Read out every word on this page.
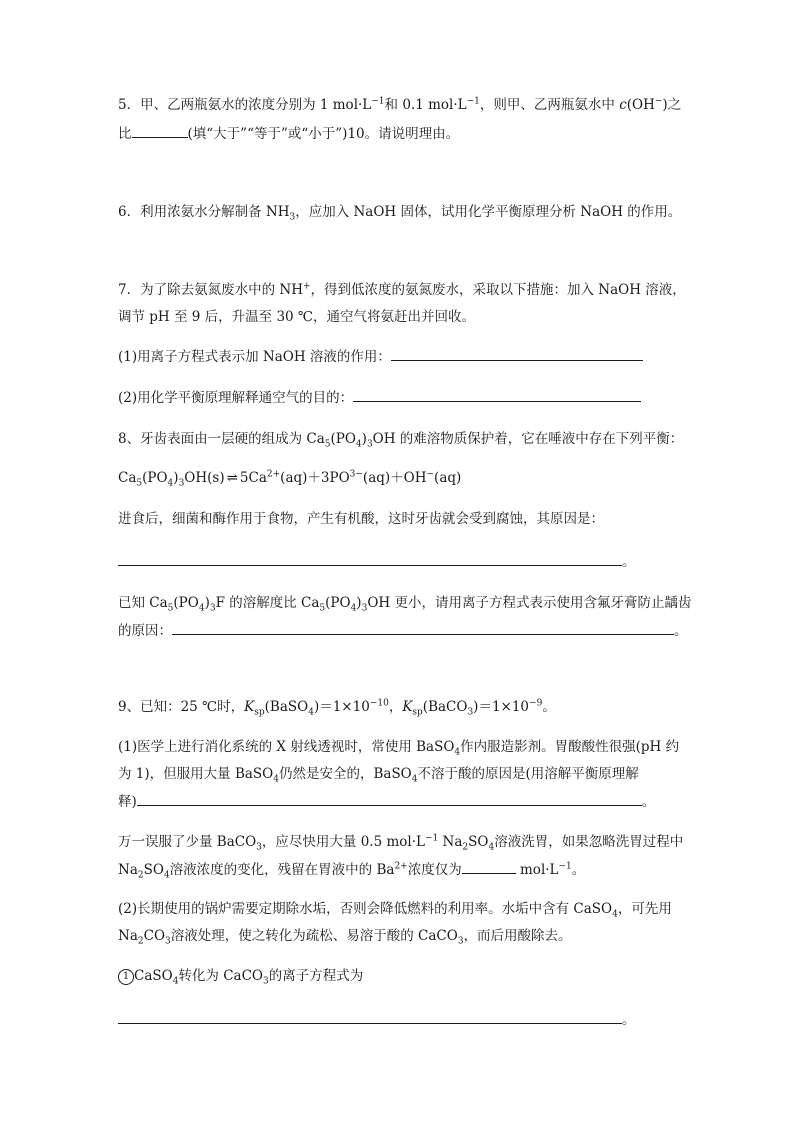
5．甲、乙两瓶氨水的浓度分别为 1 $mol\cdot L^{-1}$和 0.1 $mol\cdot L^{-1}$，则甲、乙两瓶氨水中 c(OH−)之
比	(填“大于”“等于”或“小于”)10。请说明理由。
6．利用浓氨水分解制备 $NH_3$，应加入 NaOH 固体，试用化学平衡原理分析 NaOH 的作用。
7．为了除去氨氮废水中的 NH+，得到低浓度的氨氮废水，采取以下措施：加入 NaOH 溶液，
调节 pH 至 9 后，升温至 30 ℃，通空气将氨赶出并回收。
(1)用离子方程式表示加 NaOH 溶液的作用：
(2)用化学平衡原理解释通空气的目的：
8、牙齿表面由一层硬的组成为 $Ca_5(PO_4)_3OH$ 的难溶物质保护着，它在唾液中存在下列平衡：
$Ca_5(PO_4)_3OH(s)$ ⇌ $5Ca^{2+}(aq)+3PO^{3-}(aq)+OH^-(aq)$
进食后，细菌和酶作用于食物，产生有机酸，这时牙齿就会受到腐蚀，其原因是：
。
已知 $Ca_5(PO_4)_3F$ 的溶解度比 $Ca_5(PO_4)_3OH$ 更小，请用离子方程式表示使用含氟牙膏防止龋齿
的原因：	。
9、已知：25 ℃时，$K_{sp}(BaSO_4)=1\times 10^{-10}$，$K_{sp}(BaCO_3)=1\times 10^{-9}$。
(1)医学上进行消化系统的 X 射线透视时，常使用 BaSO$_4$作内服造影剂。胃酸酸性很强(pH 约
为 1)，但服用大量 BaSO$_4$仍然是安全的，BaSO$_4$不溶于酸的原因是(用溶解平衡原理解
释)	。
万一误服了少量 BaCO$_3$，应尽快用大量 0.5 $mol\cdot L^{-1}$ $Na_2SO_4$溶液洗胃，如果忽略洗胃过程中
$Na_2SO_4$溶液浓度的变化，残留在胃液中的 $Ba^{2+}$浓度仅为	$mol\cdot L^{-1}$。
(2)长期使用的锅炉需要定期除水垢，否则会降低燃料的利用率。水垢中含有 CaSO$_4$，可先用
$Na_2CO_3$溶液处理，使之转化为疏松、易溶于酸的 CaCO$_3$，而后用酸除去。
1 CaSO$_4$转化为 CaCO$_3$的离子方程式为
。
